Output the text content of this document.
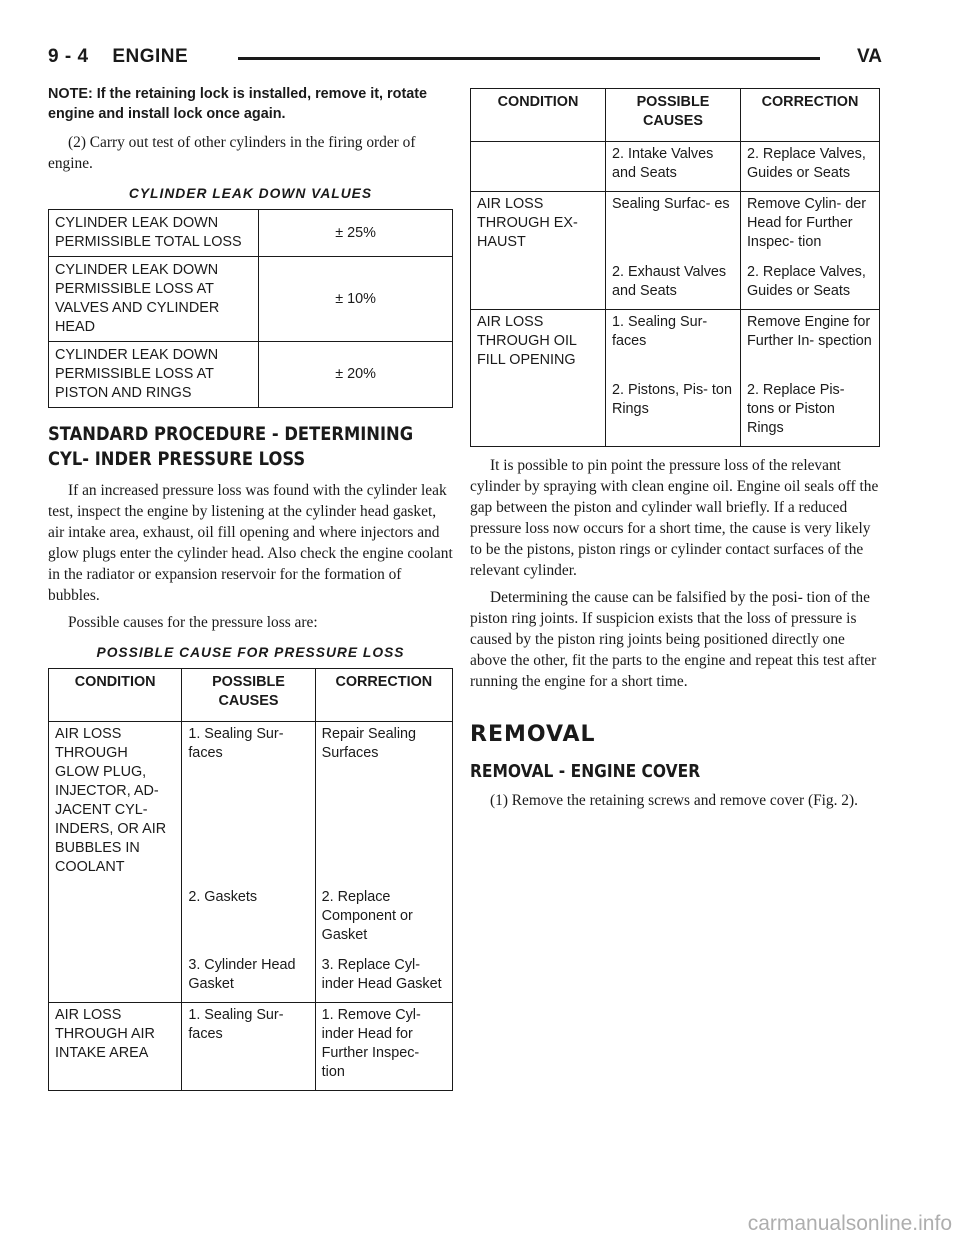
9 - 4 ENGINE	VA
NOTE: If the retaining lock is installed, remove it, rotate engine and install lock once again.

(2) Carry out test of other cylinders in the firing order of engine.

CYLINDER LEAK DOWN VALUES
CYLINDER LEAK DOWN PERMISSIBLE TOTAL LOSS	± 25%
CYLINDER LEAK DOWN PERMISSIBLE LOSS AT VALVES AND CYLINDER HEAD	± 10%
CYLINDER LEAK DOWN PERMISSIBLE LOSS AT PISTON AND RINGS	± 20%
STANDARD PROCEDURE - DETERMINING CYL- INDER PRESSURE LOSS

If an increased pressure loss was found with the cylinder leak test, inspect the engine by listening at the cylinder head gasket, air intake area, exhaust, oil fill opening and where injectors and glow plugs enter the cylinder head. Also check the engine coolant in the radiator or expansion reservoir for the formation of bubbles.

Possible causes for the pressure loss are:

POSSIBLE CAUSE FOR PRESSURE LOSS
CONDITION	POSSIBLE CAUSES	CORRECTION
AIR LOSS THROUGH GLOW PLUG, INJECTOR, AD- JACENT CYL- INDERS, OR AIR BUBBLES IN COOLANT	1. Sealing Sur- faces	Repair Sealing Surfaces
	2. Gaskets	2. Replace Component or Gasket
	3. Cylinder Head Gasket	3. Replace Cyl- inder Head Gasket
AIR LOSS THROUGH AIR INTAKE AREA	1. Sealing Sur- faces	1. Remove Cyl- inder Head for Further Inspec- tion
CONDITION	POSSIBLE CAUSES	CORRECTION
	2. Intake Valves and Seats	2. Replace Valves, Guides or Seats
AIR LOSS THROUGH EX- HAUST	Sealing Surfac- es	Remove Cylin- der Head for Further Inspec- tion
	2. Exhaust Valves and Seats	2. Replace Valves, Guides or Seats
AIR LOSS THROUGH OIL FILL OPENING	1. Sealing Sur- faces	Remove Engine for Further In- spection
	2. Pistons, Pis- ton Rings	2. Replace Pis- tons or Piston Rings

It is possible to pin point the pressure loss of the relevant cylinder by spraying with clean engine oil. Engine oil seals off the gap between the piston and cylinder wall briefly. If a reduced pressure loss now occurs for a short time, the cause is very likely to be the pistons, piston rings or cylinder contact surfaces of the relevant cylinder.

Determining the cause can be falsified by the posi- tion of the piston ring joints. If suspicion exists that the loss of pressure is caused by the piston ring joints being positioned directly one above the other, fit the parts to the engine and repeat this test after running the engine for a short time.

REMOVAL
REMOVAL - ENGINE COVER

(1) Remove the retaining screws and remove cover (Fig. 2).

carmanualsonline.info
